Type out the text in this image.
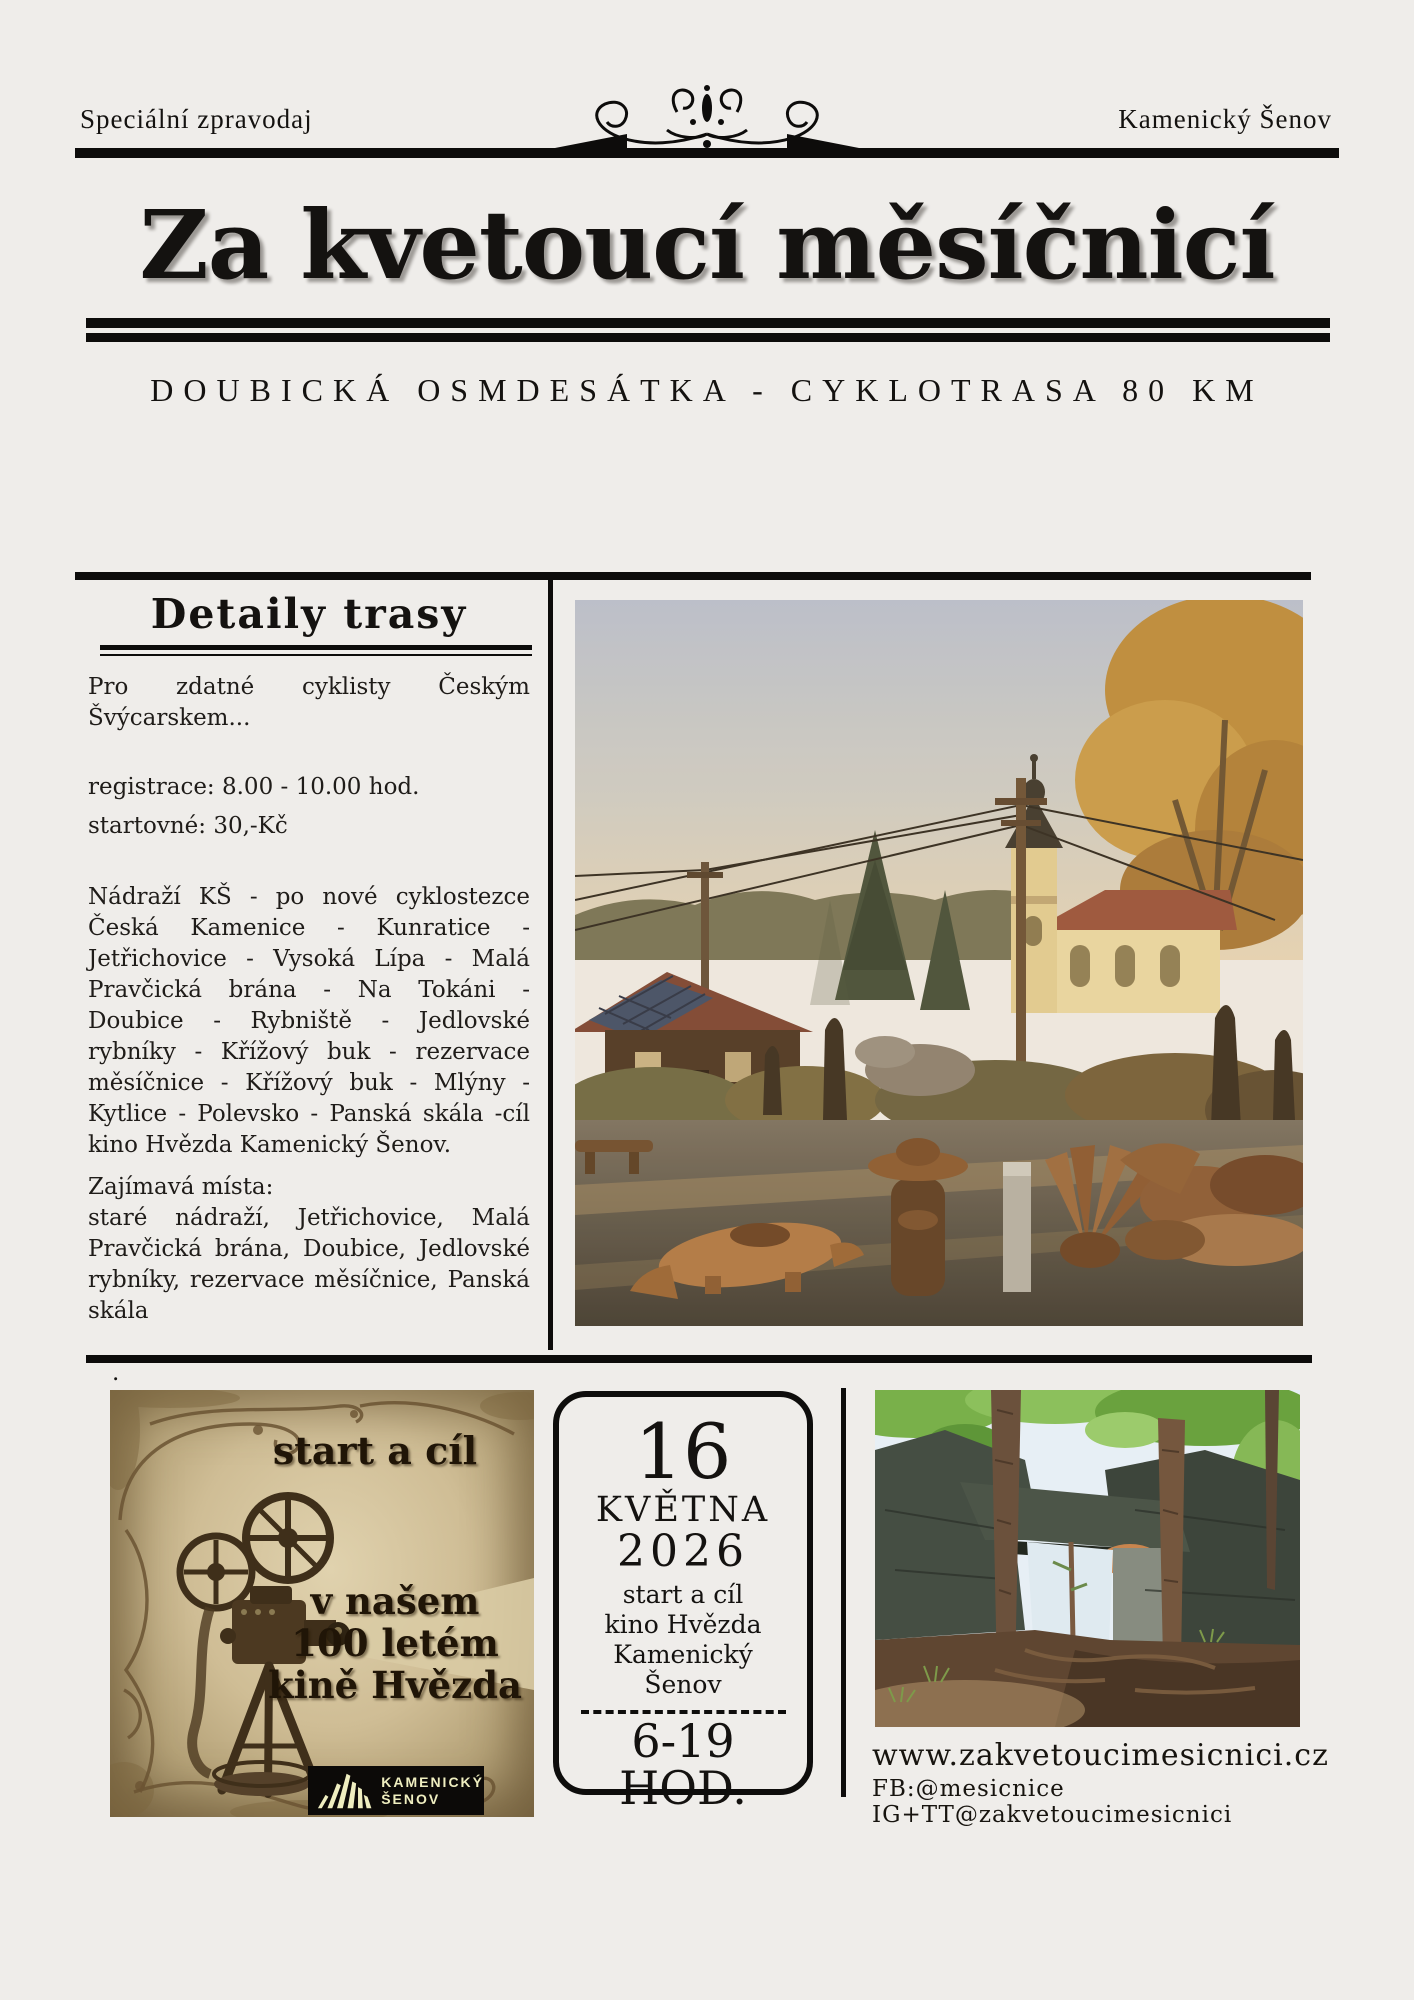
Speciální zpravodaj	Kamenický Šenov
Za kvetoucí měsíčnicí
DOUBICKÁ OSMDESÁTKA - CYKLOTRASA 80 KM
Detaily trasy
Pro zdatné cyklisty Českým Švýcarskem...
registrace: 8.00 - 10.00 hod.
startovné: 30,-Kč
Nádraží KŠ - po nové cyklostezce Česká Kamenice - Kunratice - Jetřichovice - Vysoká Lípa - Malá Pravčická brána - Na Tokáni - Doubice - Rybniště - Jedlovské rybníky - Křížový buk - rezervace měsíčnice - Křížový buk - Mlýny - Kytlice - Polevsko - Panská skála -cíl kino Hvězda Kamenický Šenov.
Zajímavá místa:
staré nádraží, Jetřichovice, Malá Pravčická brána, Doubice, Jedlovské rybníky, rezervace měsíčnice, Panská skála
.
start a cíl
v našem
100 letém
kině Hvězda
KAMENICKÝ
ŠENOV
16
KVĚTNA
2026
start a cíl
kino Hvězda
Kamenický
Šenov
6-19
HOD.
www.zakvetoucimesicnici.cz
FB:@mesicnice IG+TT@zakvetoucimesicnici
